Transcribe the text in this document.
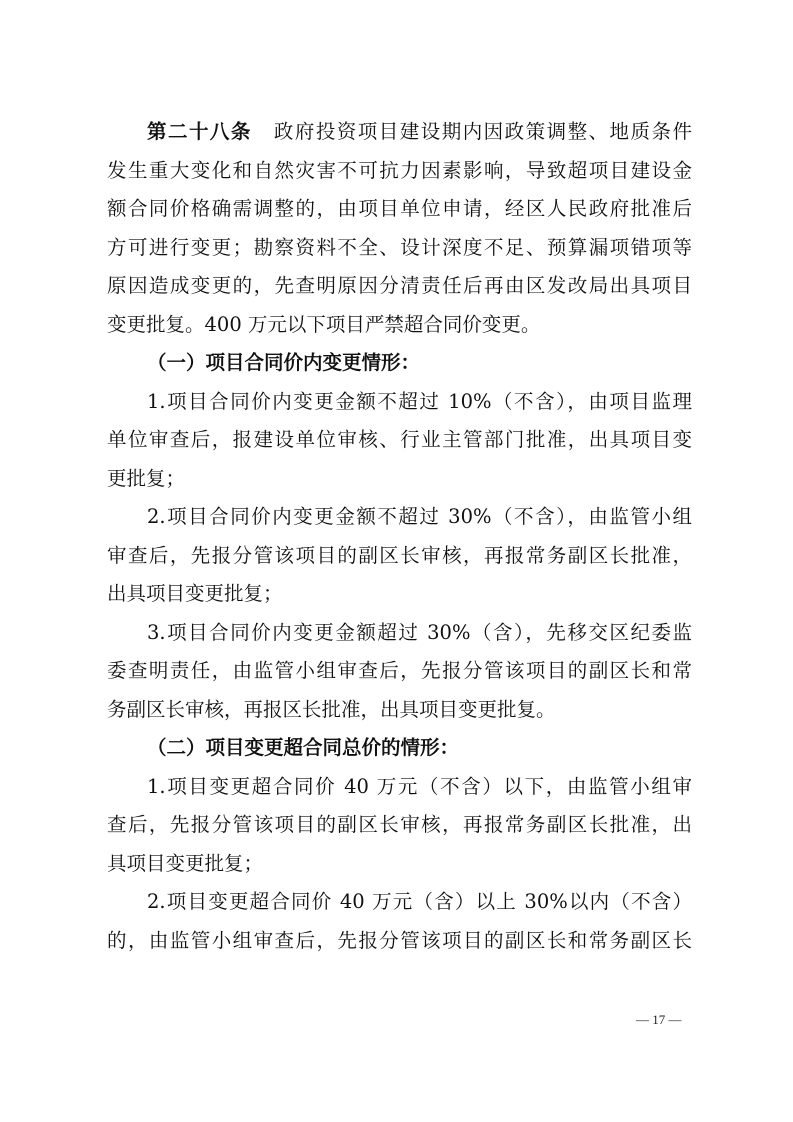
第二十八条 政府投资项目建设期内因政策调整、地质条件
发生重大变化和自然灾害不可抗力因素影响，导致超项目建设金
额合同价格确需调整的，由项目单位申请，经区人民政府批准后
方可进行变更；勘察资料不全、设计深度不足、预算漏项错项等
原因造成变更的，先查明原因分清责任后再由区发改局出具项目
变更批复。400 万元以下项目严禁超合同价变更。
（一）项目合同价内变更情形：
1.项目合同价内变更金额不超过 10%（不含），由项目监理
单位审查后，报建设单位审核、行业主管部门批准，出具项目变
更批复；
2.项目合同价内变更金额不超过 30%（不含），由监管小组
审查后，先报分管该项目的副区长审核，再报常务副区长批准，
出具项目变更批复；
3.项目合同价内变更金额超过 30%（含），先移交区纪委监
委查明责任，由监管小组审查后，先报分管该项目的副区长和常
务副区长审核，再报区长批准，出具项目变更批复。
（二）项目变更超合同总价的情形：
1.项目变更超合同价 40 万元（不含）以下，由监管小组审
查后，先报分管该项目的副区长审核，再报常务副区长批准，出
具项目变更批复；
2.项目变更超合同价 40 万元（含）以上 30%以内（不含）
的，由监管小组审查后，先报分管该项目的副区长和常务副区长
— 17 —
